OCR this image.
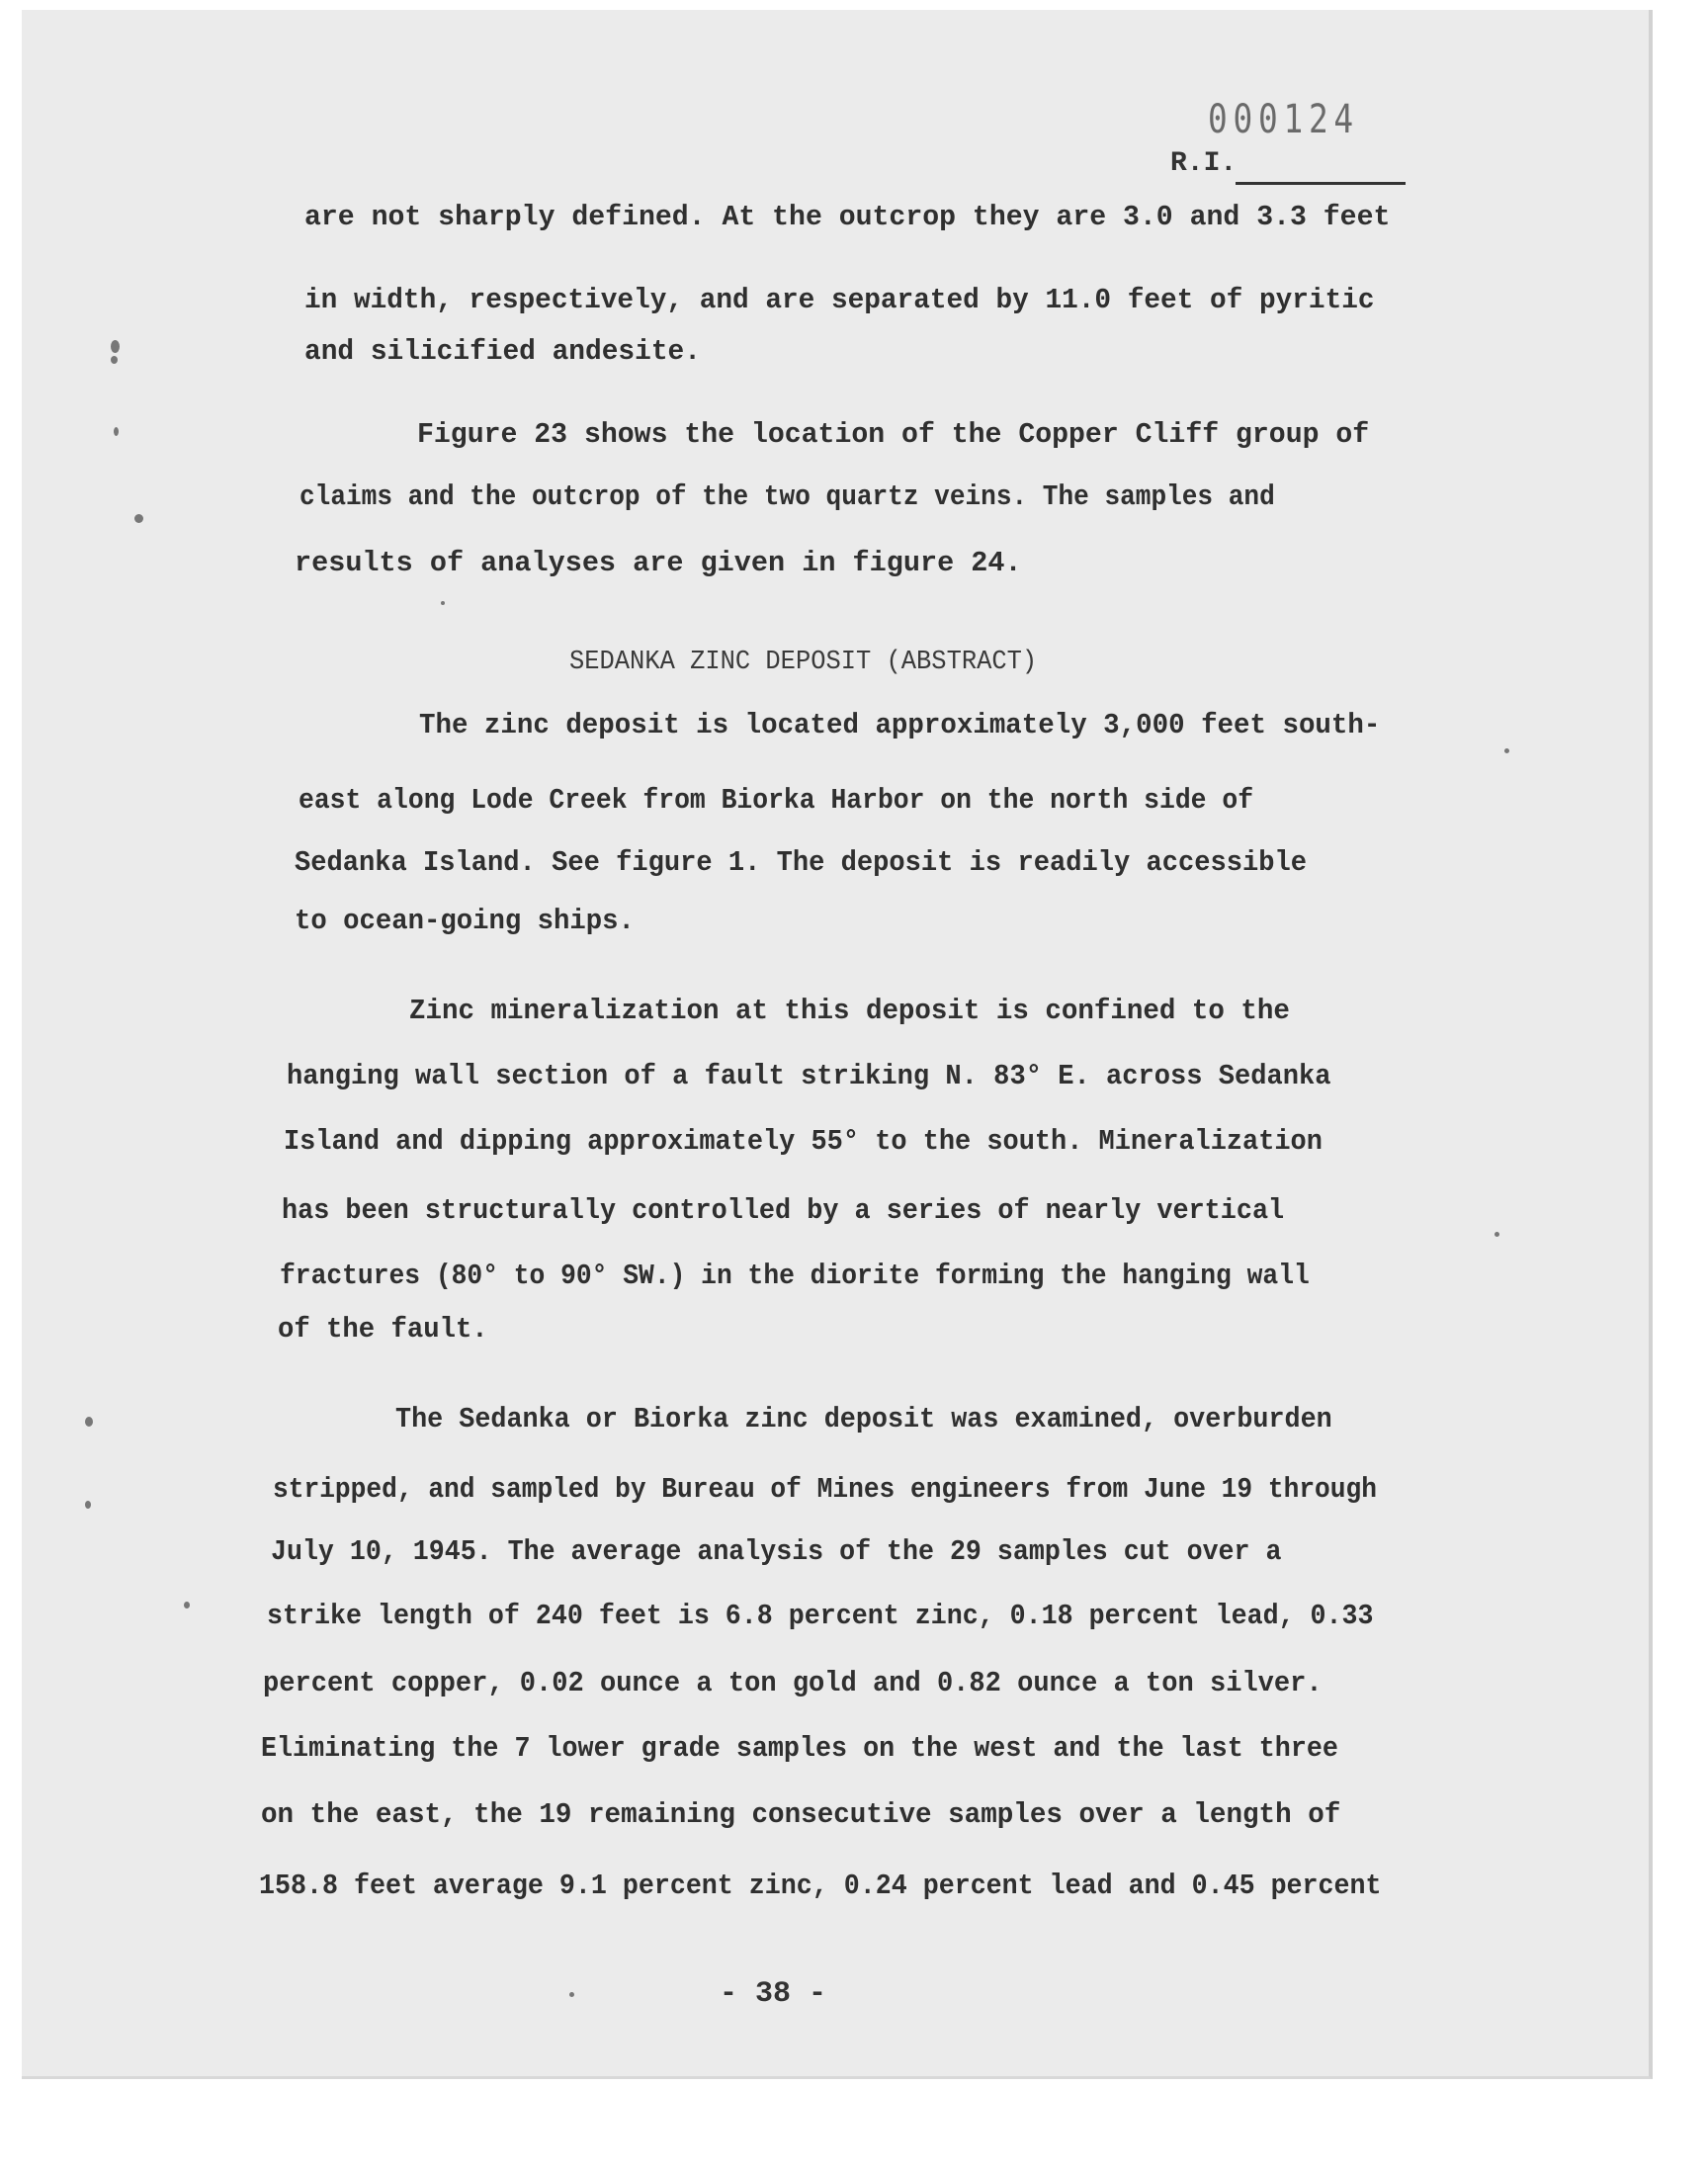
000124
R.I.
are not sharply defined. At the outcrop they are 3.0 and 3.3 feet
in width, respectively, and are separated by 11.0 feet of pyritic
and silicified andesite.
Figure 23 shows the location of the Copper Cliff group of
claims and the outcrop of the two quartz veins. The samples and
results of analyses are given in figure 24.
SEDANKA ZINC DEPOSIT (ABSTRACT)
The zinc deposit is located approximately 3,000 feet south-
east along Lode Creek from Biorka Harbor on the north side of
Sedanka Island. See figure 1. The deposit is readily accessible
to ocean-going ships.
Zinc mineralization at this deposit is confined to the
hanging wall section of a fault striking N. 83° E. across Sedanka
Island and dipping approximately 55° to the south. Mineralization
has been structurally controlled by a series of nearly vertical
fractures (80° to 90° SW.) in the diorite forming the hanging wall
of the fault.
The Sedanka or Biorka zinc deposit was examined, overburden
stripped, and sampled by Bureau of Mines engineers from June 19 through
July 10, 1945. The average analysis of the 29 samples cut over a
strike length of 240 feet is 6.8 percent zinc, 0.18 percent lead, 0.33
percent copper, 0.02 ounce a ton gold and 0.82 ounce a ton silver.
Eliminating the 7 lower grade samples on the west and the last three
on the east, the 19 remaining consecutive samples over a length of
158.8 feet average 9.1 percent zinc, 0.24 percent lead and 0.45 percent
- 38 -
